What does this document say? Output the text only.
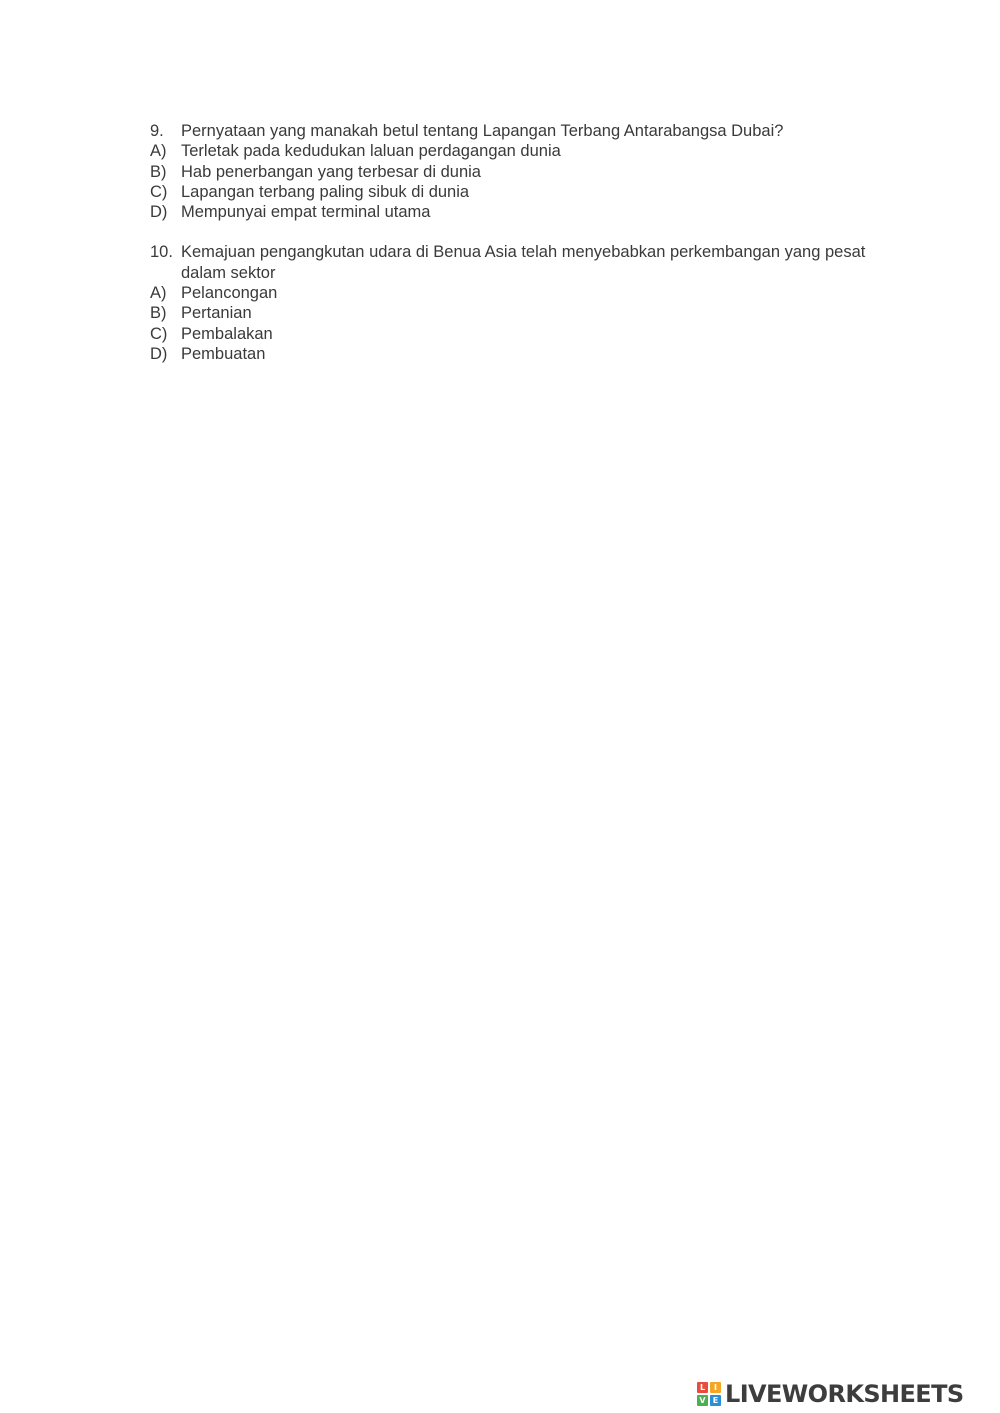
9.	Pernyataan yang manakah betul tentang Lapangan Terbang Antarabangsa Dubai?
A) Terletak pada kedudukan laluan perdagangan dunia
B) Hab penerbangan yang terbesar di dunia
C) Lapangan terbang paling sibuk di dunia
D) Mempunyai empat terminal utama
10. Kemajuan pengangkutan udara di Benua Asia telah menyebabkan perkembangan yang pesat dalam sektor
A) Pelancongan
B) Pertanian
C) Pembalakan
D) Pembuatan
L	I
V E LIVEWORKSHEETS
